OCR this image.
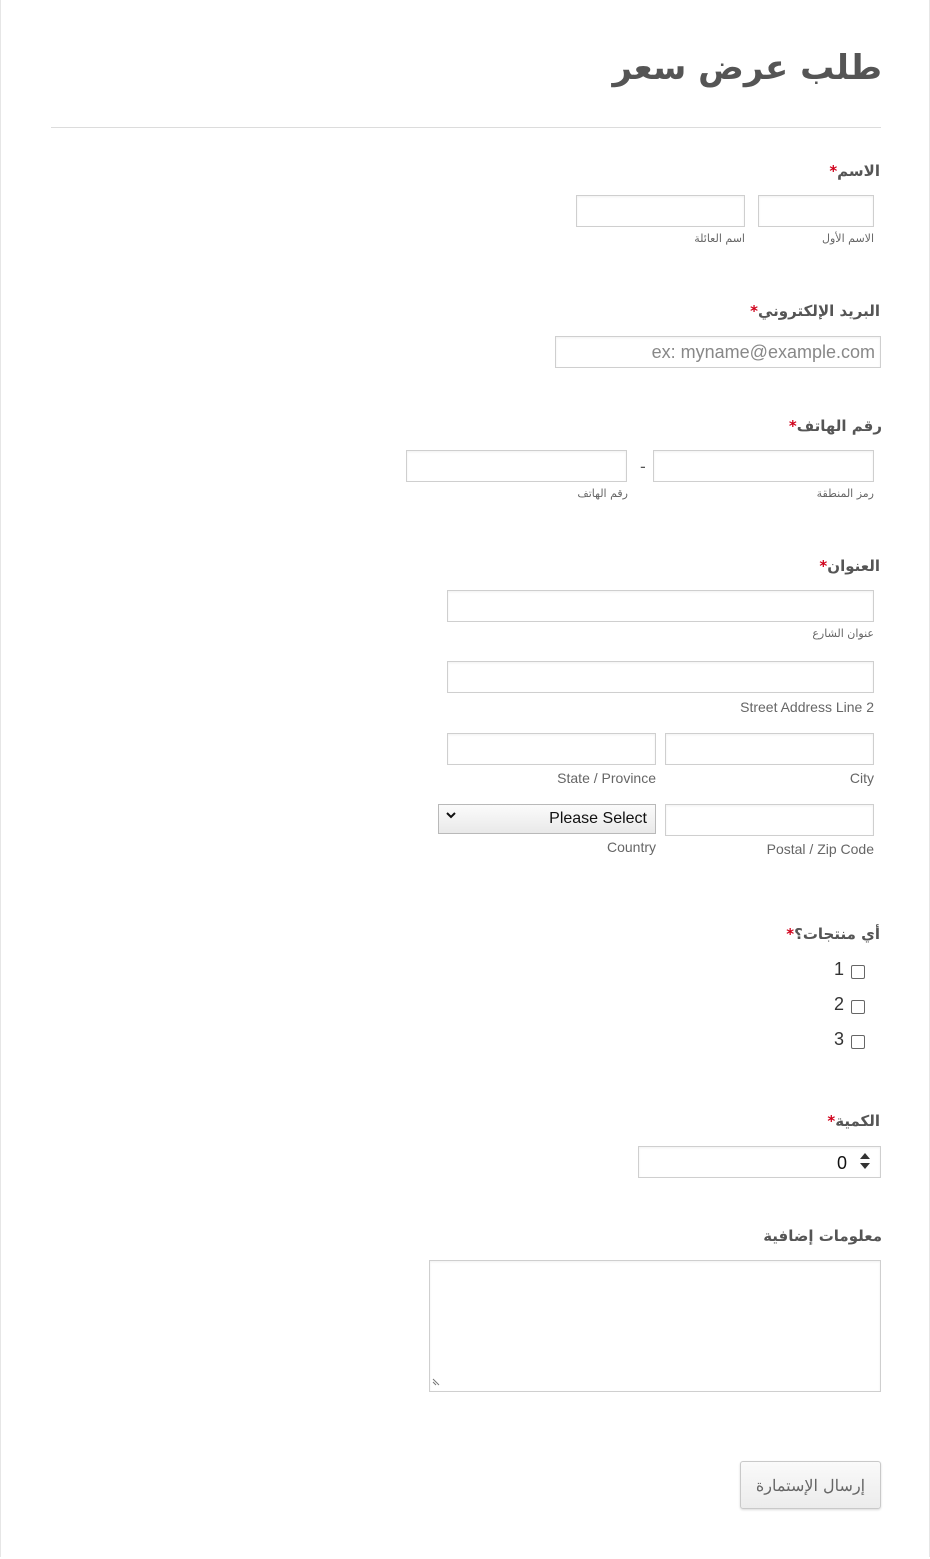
طلب عرض سعر
الاسم*
الاسم الأول
اسم العائلة
البريد الإلكتروني*
ex: myname@example.com
رقم الهاتف*
-
رمز المنطقة
رقم الهاتف
العنوان*
عنوان الشارع
Street Address Line 2
City
State / Province
Please Select
Postal / Zip Code
Country
أي منتجات؟*
1
2
3
الكمية*
0
معلومات إضافية
إرسال الإستمارة
